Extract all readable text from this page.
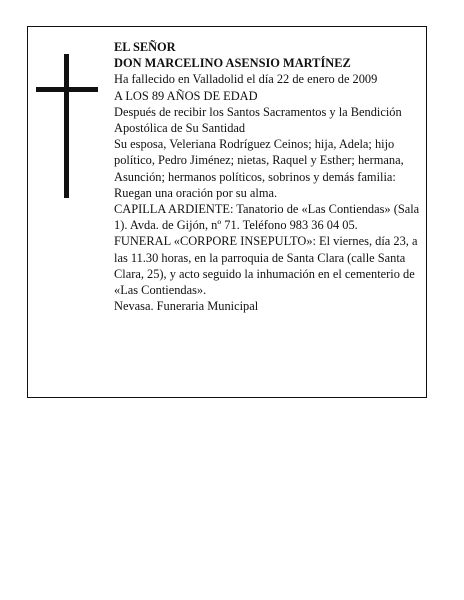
EL SEÑOR

DON MARCELINO ASENSIO MARTÍNEZ

Ha fallecido en Valladolid el día 22 de enero de 2009

A LOS 89 AÑOS DE EDAD

Después de recibir los Santos Sacramentos y la Bendición Apostólica de Su Santidad

Su esposa, Veleriana Rodríguez Ceinos; hija, Adela; hijo político, Pedro Jiménez; nietas, Raquel y Esther; hermana, Asunción; hermanos políticos, sobrinos y demás familia:

Ruegan una oración por su alma.

CAPILLA ARDIENTE: Tanatorio de «Las Contiendas» (Sala 1). Avda. de Gijón, nº 71. Teléfono 983 36 04 05.

FUNERAL «CORPORE INSEPULTO»: El viernes, día 23, a las 11.30 horas, en la parroquia de Santa Clara (calle Santa Clara, 25), y acto seguido la inhumación en el cementerio de «Las Contiendas».

Nevasa. Funeraria Municipal
